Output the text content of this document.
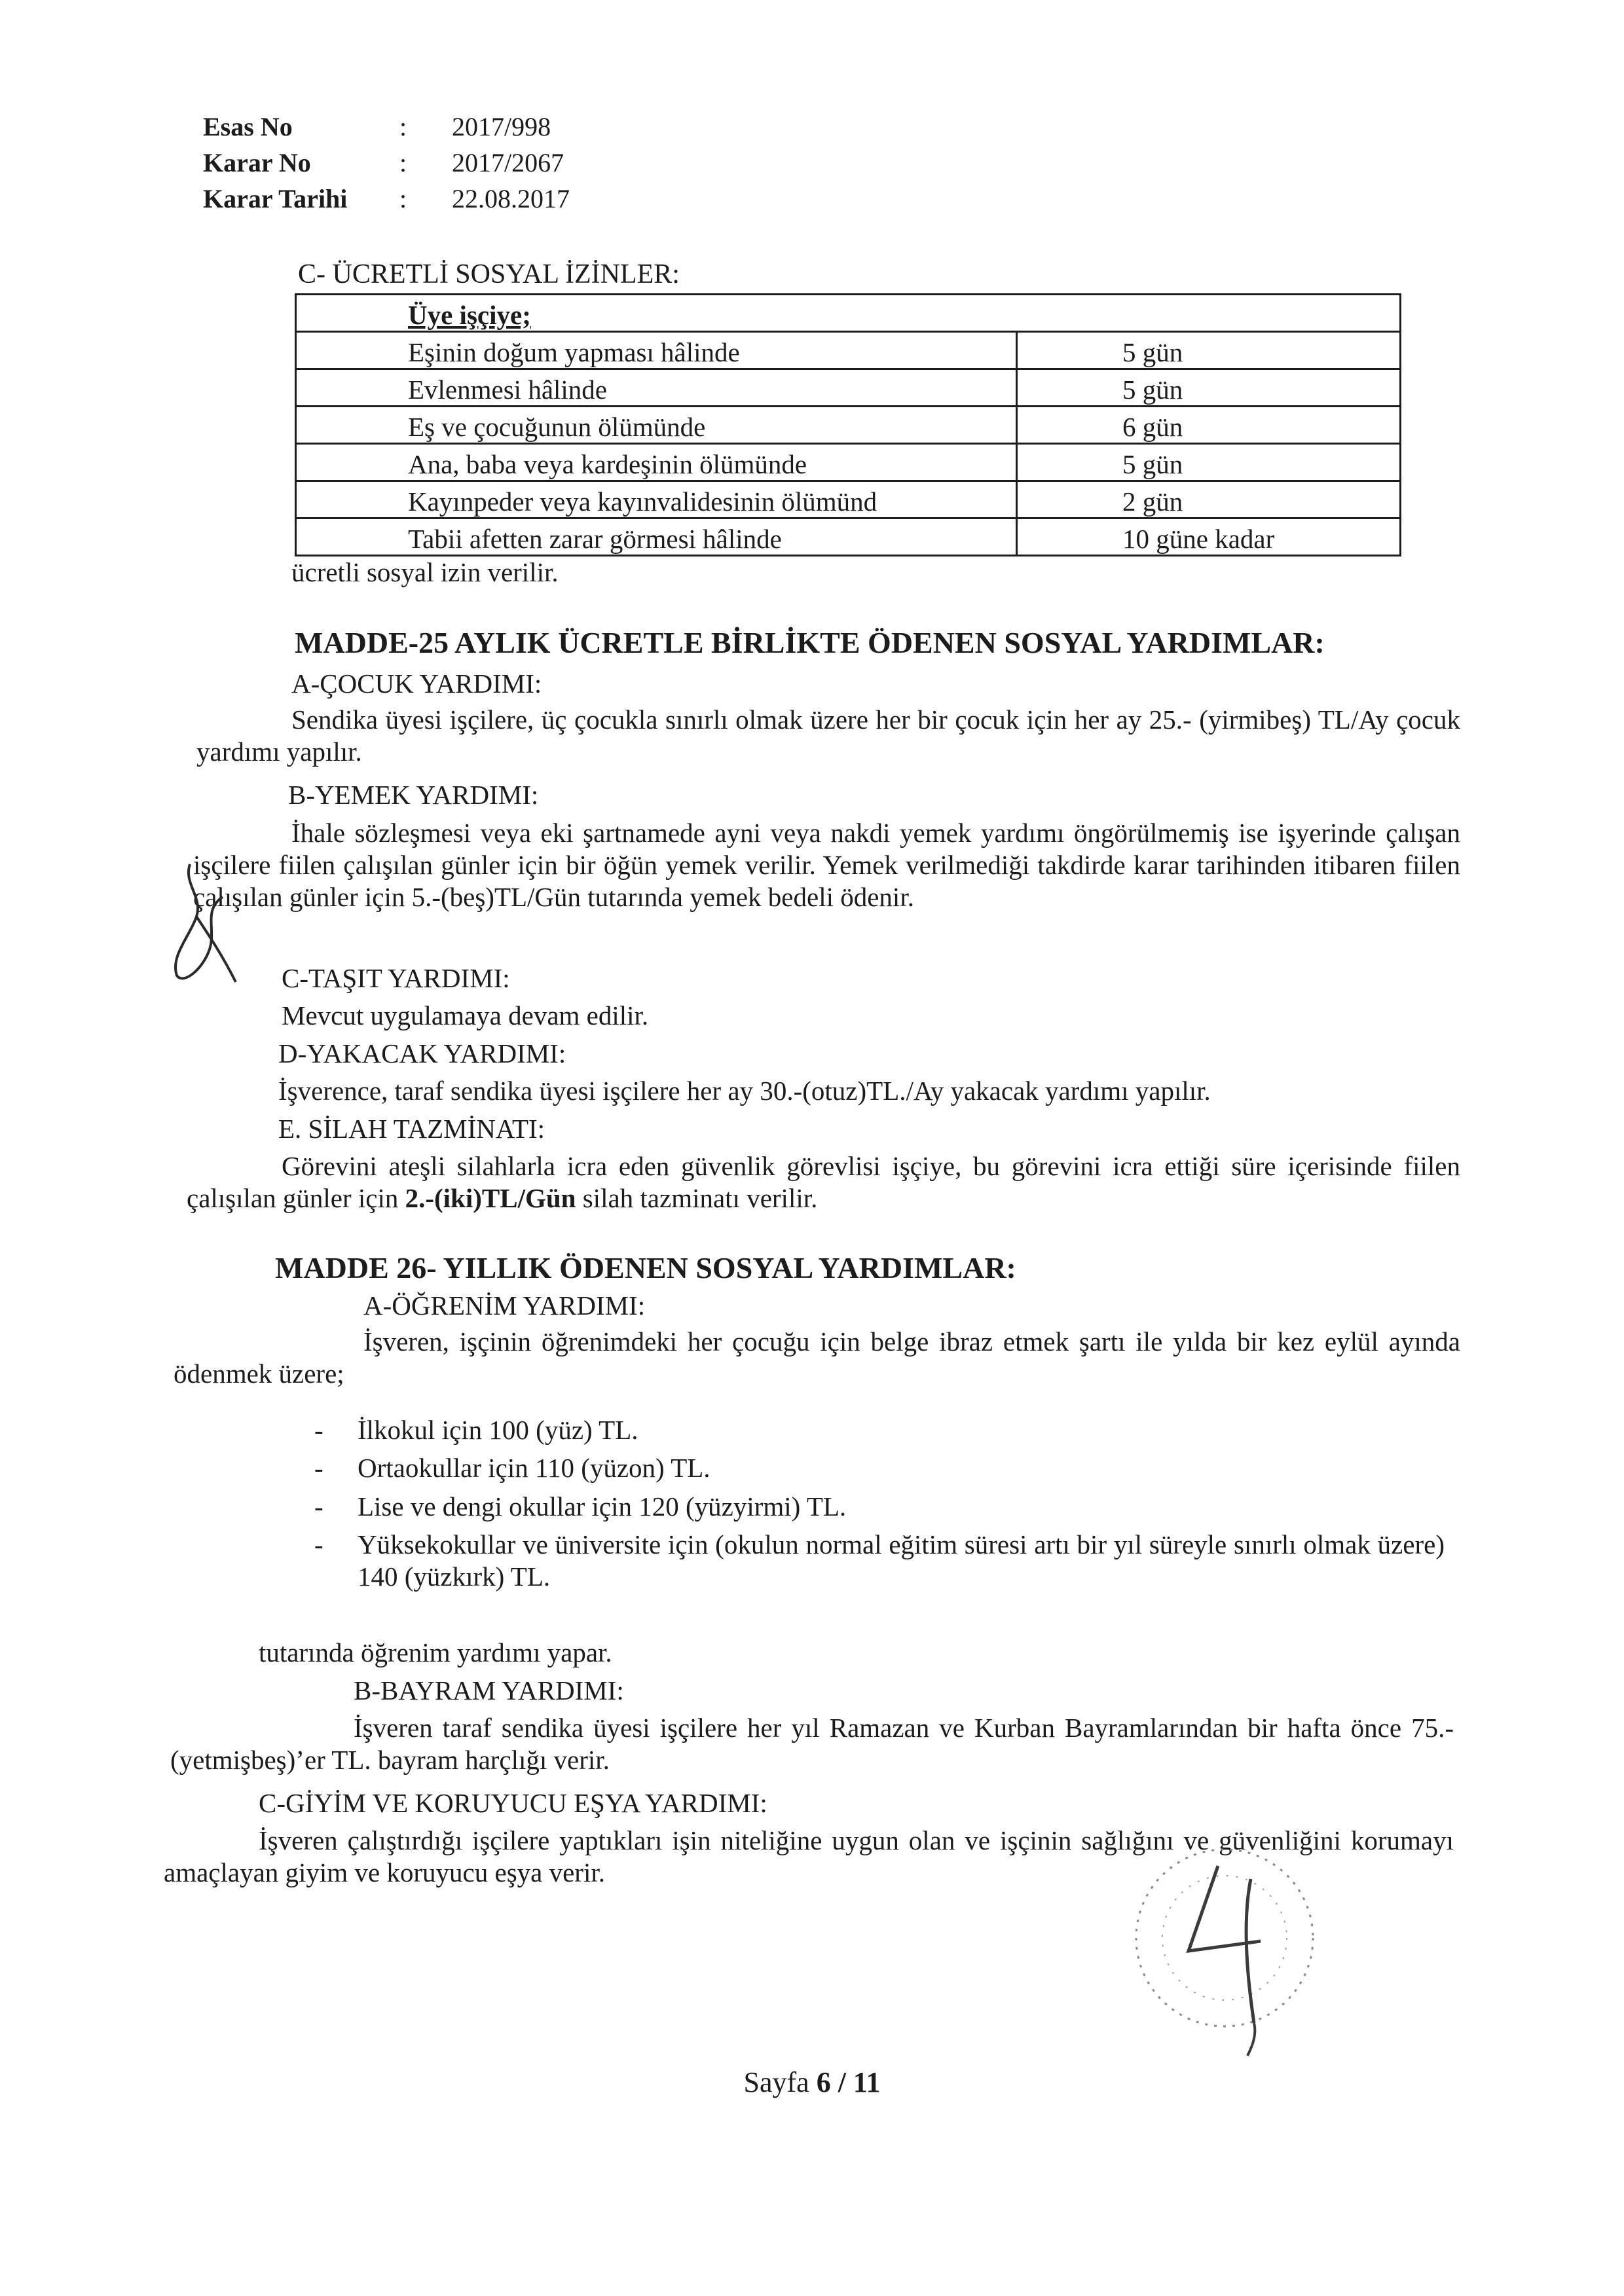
Esas No	:	2017/998
Karar No	:	2017/2067
Karar Tarihi	:	22.08.2017
C- ÜCRETLİ SOSYAL İZİNLER:
Üye işçiye;	
Eşinin doğum yapması hâlinde	5 gün
Evlenmesi hâlinde	5 gün
Eş ve çocuğunun ölümünde	6 gün
Ana, baba veya kardeşinin ölümünde	5 gün
Kayınpeder veya kayınvalidesinin ölümünd	2 gün
Tabii afetten zarar görmesi hâlinde	10 güne kadar
ücretli sosyal izin verilir.
MADDE-25 AYLIK ÜCRETLE BİRLİKTE ÖDENEN SOSYAL YARDIMLAR:
A-ÇOCUK YARDIMI:
Sendika üyesi işçilere, üç çocukla sınırlı olmak üzere her bir çocuk için her ay 25.- (yirmibeş) TL/Ay çocuk yardımı yapılır.
B-YEMEK YARDIMI:
İhale sözleşmesi veya eki şartnamede ayni veya nakdi yemek yardımı öngörülmemiş ise işyerinde çalışan işçilere fiilen çalışılan günler için bir öğün yemek verilir. Yemek verilmediği takdirde karar tarihinden itibaren fiilen çalışılan günler için 5.-(beş)TL/Gün tutarında yemek bedeli ödenir.
C-TAŞIT YARDIMI:
Mevcut uygulamaya devam edilir.
D-YAKACAK YARDIMI:
İşverence, taraf sendika üyesi işçilere her ay 30.-(otuz)TL./Ay yakacak yardımı yapılır.
E. SİLAH TAZMİNATI:
Görevini ateşli silahlarla icra eden güvenlik görevlisi işçiye, bu görevini icra ettiği süre içerisinde fiilen çalışılan günler için 2.-(iki)TL/Gün silah tazminatı verilir.
MADDE 26- YILLIK ÖDENEN SOSYAL YARDIMLAR:
A-ÖĞRENİM YARDIMI:
İşveren, işçinin öğrenimdeki her çocuğu için belge ibraz etmek şartı ile yılda bir kez eylül ayında ödenmek üzere;
-	İlkokul için 100 (yüz) TL.
-	Ortaokullar için 110 (yüzon) TL.
-	Lise ve dengi okullar için 120 (yüzyirmi) TL.
-	Yüksekokullar ve üniversite için (okulun normal eğitim süresi artı bir yıl süreyle sınırlı olmak üzere) 140 (yüzkırk) TL.
tutarında öğrenim yardımı yapar.
B-BAYRAM YARDIMI:
İşveren taraf sendika üyesi işçilere her yıl Ramazan ve Kurban Bayramlarından bir hafta önce 75.-(yetmişbeş)’er TL. bayram harçlığı verir.
C-GİYİM VE KORUYUCU EŞYA YARDIMI:
İşveren çalıştırdığı işçilere yaptıkları işin niteliğine uygun olan ve işçinin sağlığını ve güvenliğini korumayı amaçlayan giyim ve koruyucu eşya verir.
Sayfa 6 / 11
